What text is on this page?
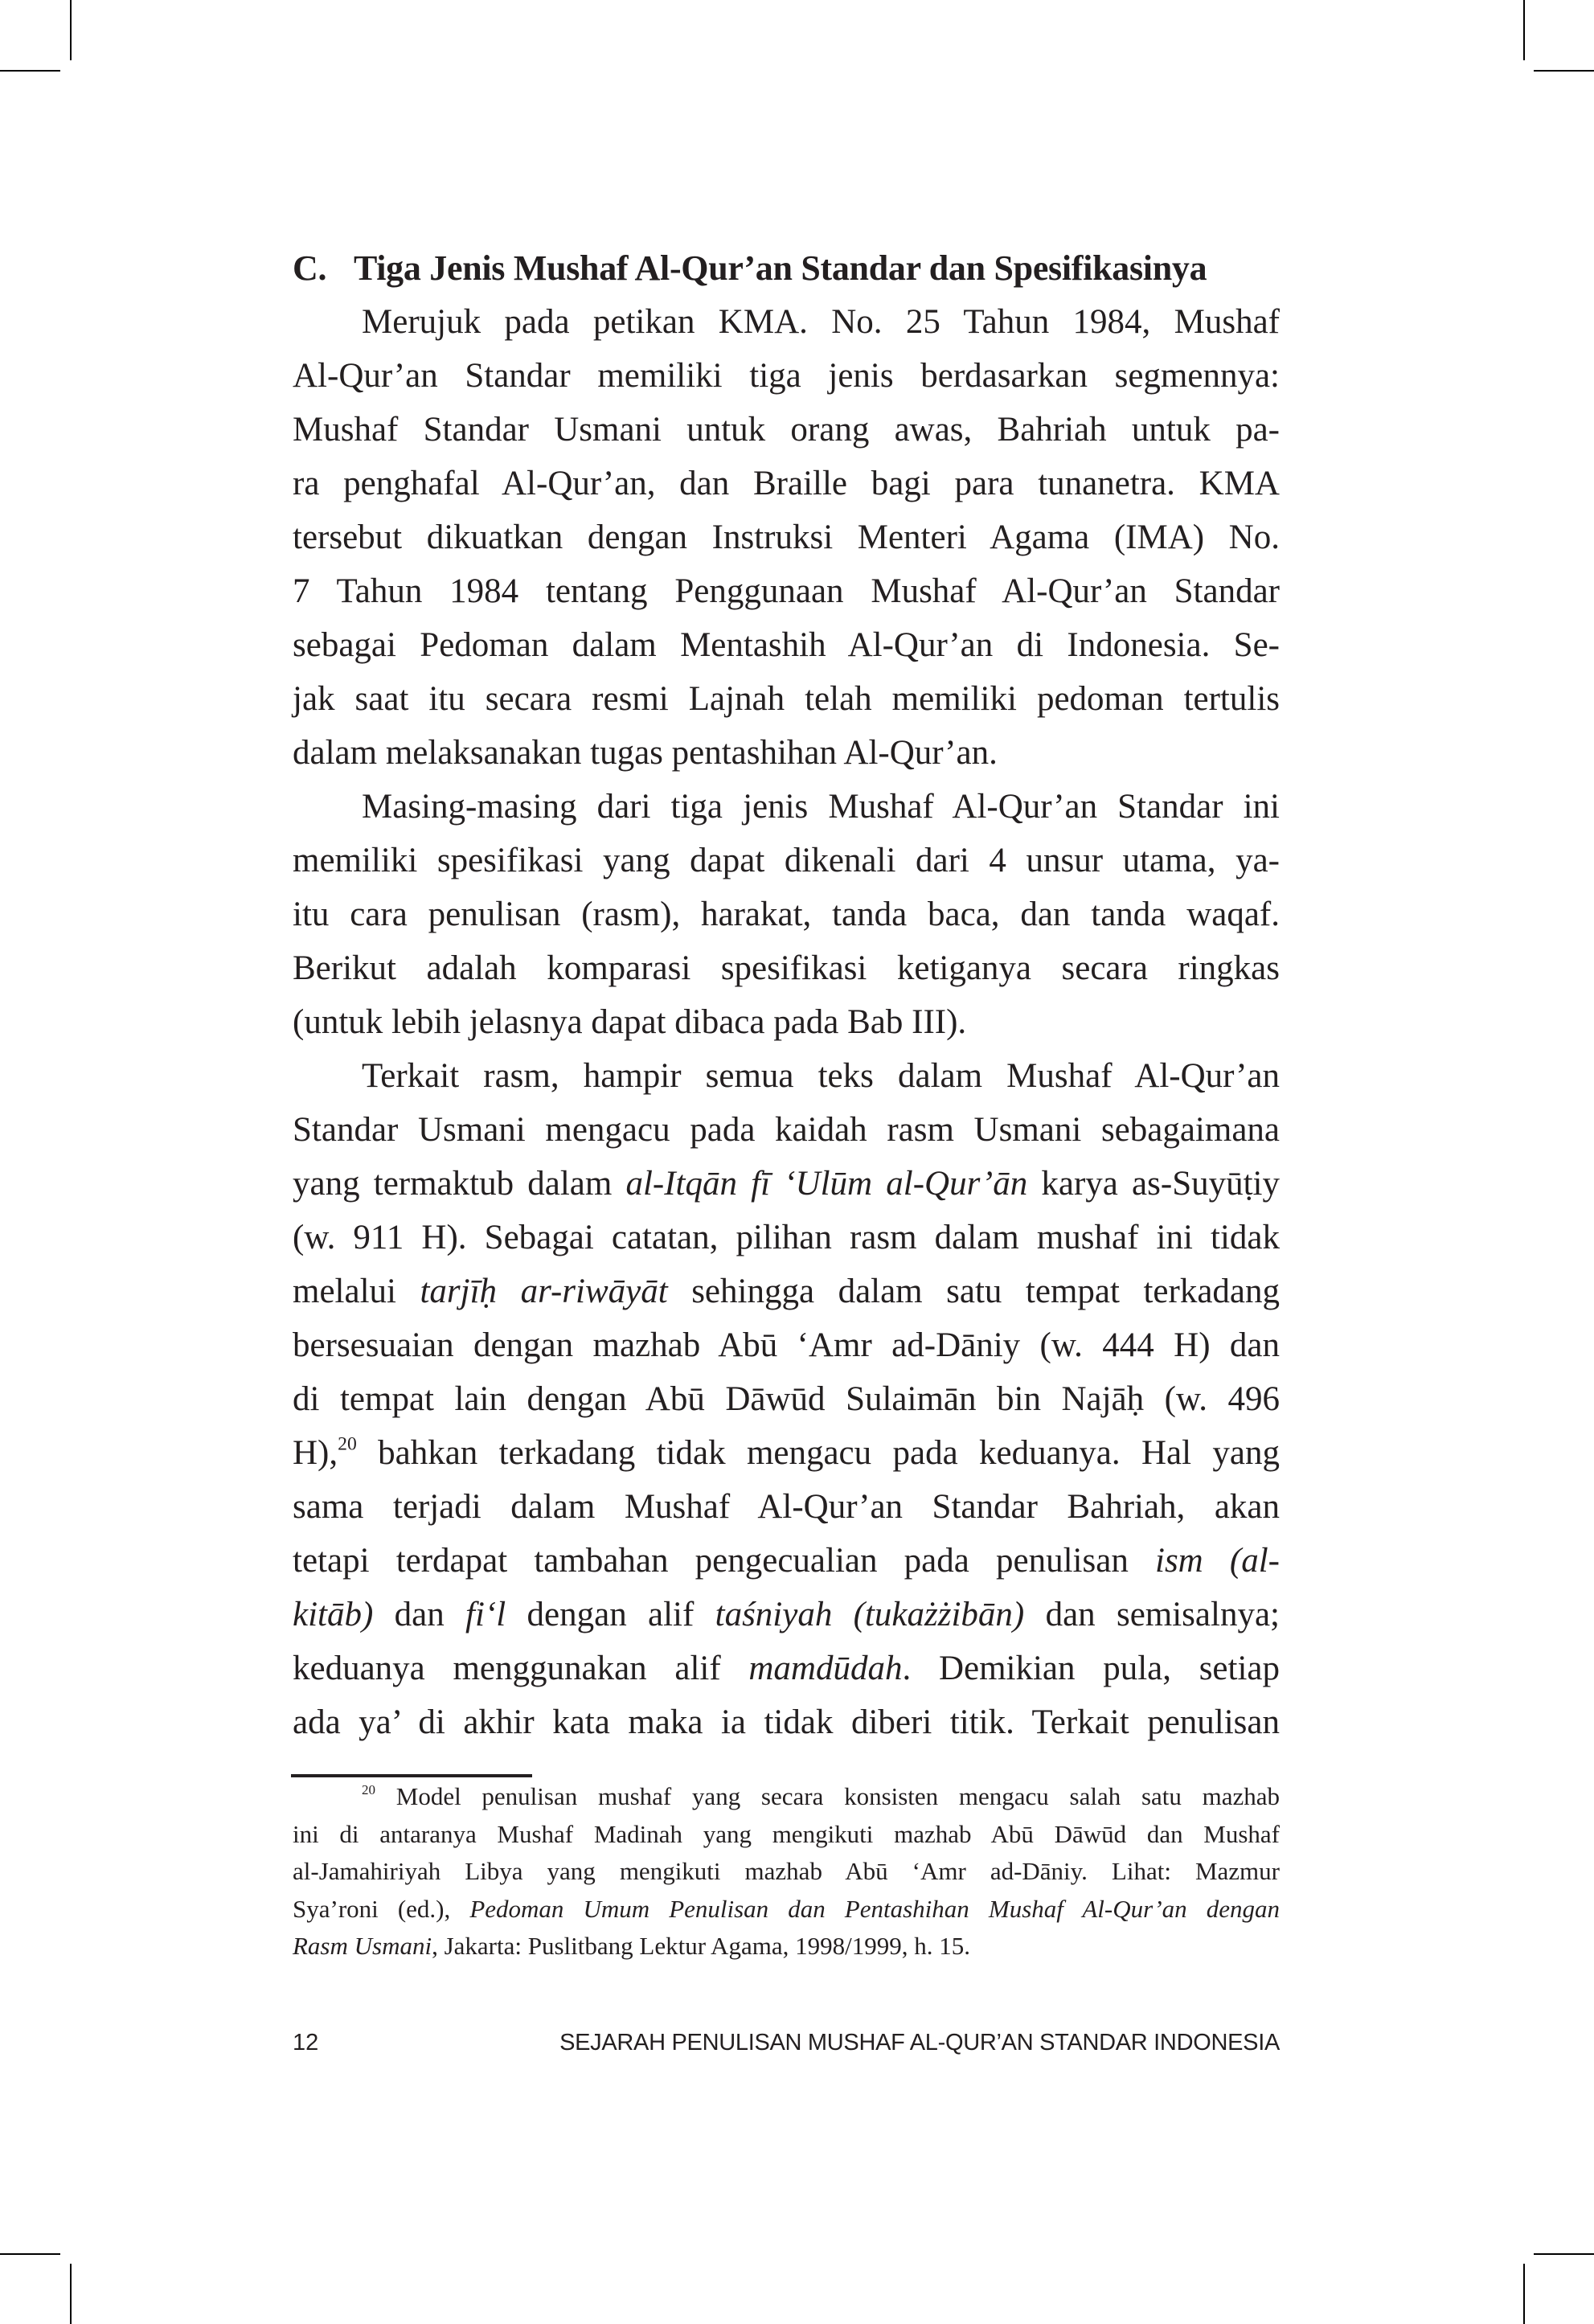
C. Tiga Jenis Mushaf Al-Qur’an Standar dan Spesifikasinya
Merujuk pada petikan KMA. No. 25 Tahun 1984, Mushaf
Al-Qur’an Standar memiliki tiga jenis berdasarkan segmennya:
Mushaf Standar Usmani untuk orang awas, Bahriah untuk pa-
ra penghafal Al-Qur’an, dan Braille bagi para tunanetra. KMA
tersebut dikuatkan dengan Instruksi Menteri Agama (IMA) No.
7 Tahun 1984 tentang Penggunaan Mushaf Al-Qur’an Standar
sebagai Pedoman dalam Mentashih Al-Qur’an di Indonesia. Se-
jak saat itu secara resmi Lajnah telah memiliki pedoman tertulis
dalam melaksanakan tugas pentashihan Al-Qur’an.
Masing-masing dari tiga jenis Mushaf Al-Qur’an Standar ini
memiliki spesifikasi yang dapat dikenali dari 4 unsur utama, ya-
itu cara penulisan (rasm), harakat, tanda baca, dan tanda waqaf.
Berikut adalah komparasi spesifikasi ketiganya secara ringkas
(untuk lebih jelasnya dapat dibaca pada Bab III).
Terkait rasm, hampir semua teks dalam Mushaf Al-Qur’an
Standar Usmani mengacu pada kaidah rasm Usmani sebagaimana
yang termaktub dalam al-Itqān fī ‘Ulūm al-Qur’ān karya as-Suyūṭiy
(w. 911 H). Sebagai catatan, pilihan rasm dalam mushaf ini tidak
melalui tarjīḥ ar-riwāyāt sehingga dalam satu tempat terkadang
bersesuaian dengan mazhab Abū ‘Amr ad-Dāniy (w. 444 H) dan
di tempat lain dengan Abū Dāwūd Sulaimān bin Najāḥ (w. 496
H),$^{20}$ bahkan terkadang tidak mengacu pada keduanya. Hal yang
sama terjadi dalam Mushaf Al-Qur’an Standar Bahriah, akan
tetapi terdapat tambahan pengecualian pada penulisan ism (al-
kitāb) dan fi‘l dengan alif taśniyah (tukażżibān) dan semisalnya;
keduanya menggunakan alif mamdūdah. Demikian pula, setiap
ada ya’ di akhir kata maka ia tidak diberi titik. Terkait penulisan
$^{20}$ Model penulisan mushaf yang secara konsisten mengacu salah satu mazhab
ini di antaranya Mushaf Madinah yang mengikuti mazhab Abū Dāwūd dan Mushaf
al-Jamahiriyah Libya yang mengikuti mazhab Abū ‘Amr ad-Dāniy. Lihat: Mazmur
Sya’roni (ed.), Pedoman Umum Penulisan dan Pentashihan Mushaf Al-Qur’an dengan
Rasm Usmani, Jakarta: Puslitbang Lektur Agama, 1998/1999, h. 15.
12	SEJARAH PENULISAN MUSHAF AL-QUR’AN STANDAR INDONESIA
